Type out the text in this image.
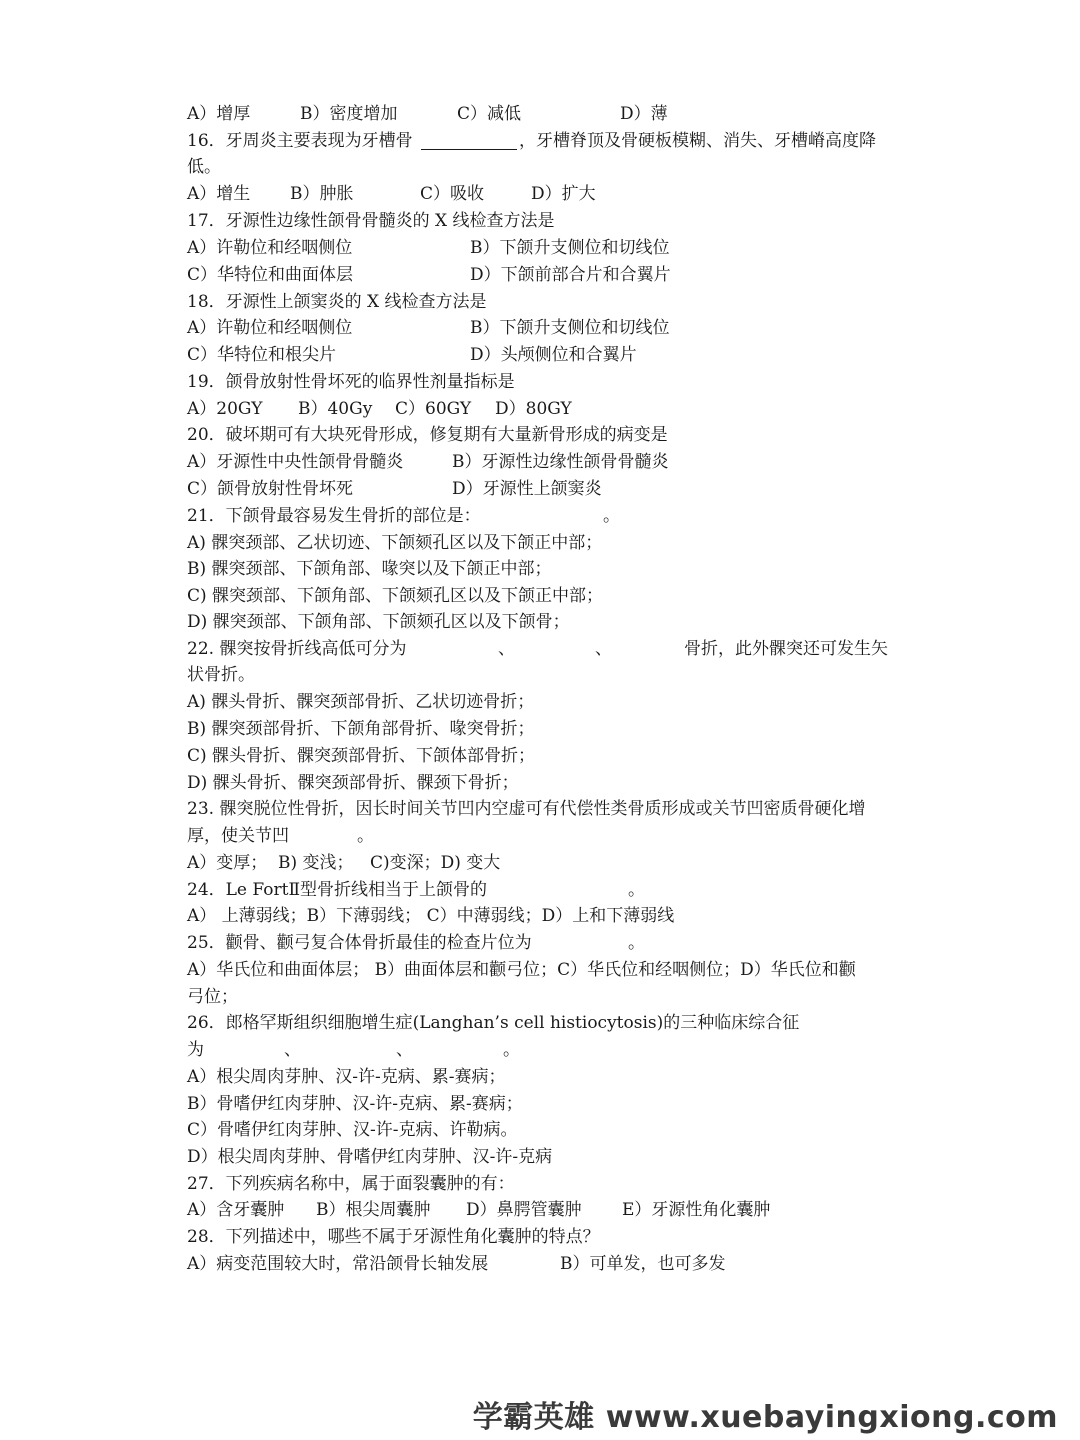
A）增厚	B）密度增加	C）减低	D）薄
16．牙周炎主要表现为牙槽骨	，牙槽脊顶及骨硬板模糊、消失、牙槽嵴高度降
低。
A）增生 B）肿胀	C）吸收	D）扩大
17．牙源性边缘性颌骨骨髓炎的 X 线检查方法是
A）许勒位和经咽侧位	B）下颌升支侧位和切线位
C）华特位和曲面体层	D）下颌前部合片和合翼片
18．牙源性上颌窦炎的 X 线检查方法是
A）许勒位和经咽侧位	B）下颌升支侧位和切线位
C）华特位和根尖片	D）头颅侧位和合翼片
19．颌骨放射性骨坏死的临界性剂量指标是
A）20GY B）40Gy C）60GY D）80GY
20．破坏期可有大块死骨形成，修复期有大量新骨形成的病变是
A）牙源性中央性颌骨骨髓炎	B）牙源性边缘性颌骨骨髓炎
C）颌骨放射性骨坏死	D）牙源性上颌窦炎
21．下颌骨最容易发生骨折的部位是：	。
A) 髁突颈部、乙状切迹、下颌颏孔区以及下颌正中部；
B) 髁突颈部、下颌角部、喙突以及下颌正中部；
C) 髁突颈部、下颌角部、下颌颏孔区以及下颌正中部；
D) 髁突颈部、下颌角部、下颌颏孔区以及下颌骨；
22. 髁突按骨折线高低可分为	、	、	骨折，此外髁突还可发生矢
状骨折。
A) 髁头骨折、髁突颈部骨折、乙状切迹骨折；
B) 髁突颈部骨折、下颌角部骨折、喙突骨折；
C) 髁头骨折、髁突颈部骨折、下颌体部骨折；
D) 髁头骨折、髁突颈部骨折、髁颈下骨折；
23. 髁突脱位性骨折，因长时间关节凹内空虚可有代偿性类骨质形成或关节凹密质骨硬化增
厚，使关节凹	。
A）变厚； B) 变浅； C)变深；D) 变大
24．Le FortⅡ型骨折线相当于上颌骨的	。
A） 上薄弱线；B）下薄弱线； C）中薄弱线；D）上和下薄弱线
25．颧骨、颧弓复合体骨折最佳的检查片位为	。
A）华氏位和曲面体层； B）曲面体层和颧弓位；C）华氏位和经咽侧位；D）华氏位和颧
弓位；
26．郎格罕斯组织细胞增生症(Langhan’s cell histiocytosis)的三种临床综合征
为	、	、	。
A）根尖周肉芽肿、汉-许-克病、累-赛病；
B）骨嗜伊红肉芽肿、汉-许-克病、累-赛病；
C）骨嗜伊红肉芽肿、汉-许-克病、许勒病。
D）根尖周肉芽肿、骨嗜伊红肉芽肿、汉-许-克病
27．下列疾病名称中，属于面裂囊肿的有：
A）含牙囊肿 B）根尖周囊肿 D）鼻腭管囊肿 E）牙源性角化囊肿
28．下列描述中，哪些不属于牙源性角化囊肿的特点？
A）病变范围较大时，常沿颌骨长轴发展	B）可单发，也可多发
学霸英雄 www.xuebayingxiong.com
